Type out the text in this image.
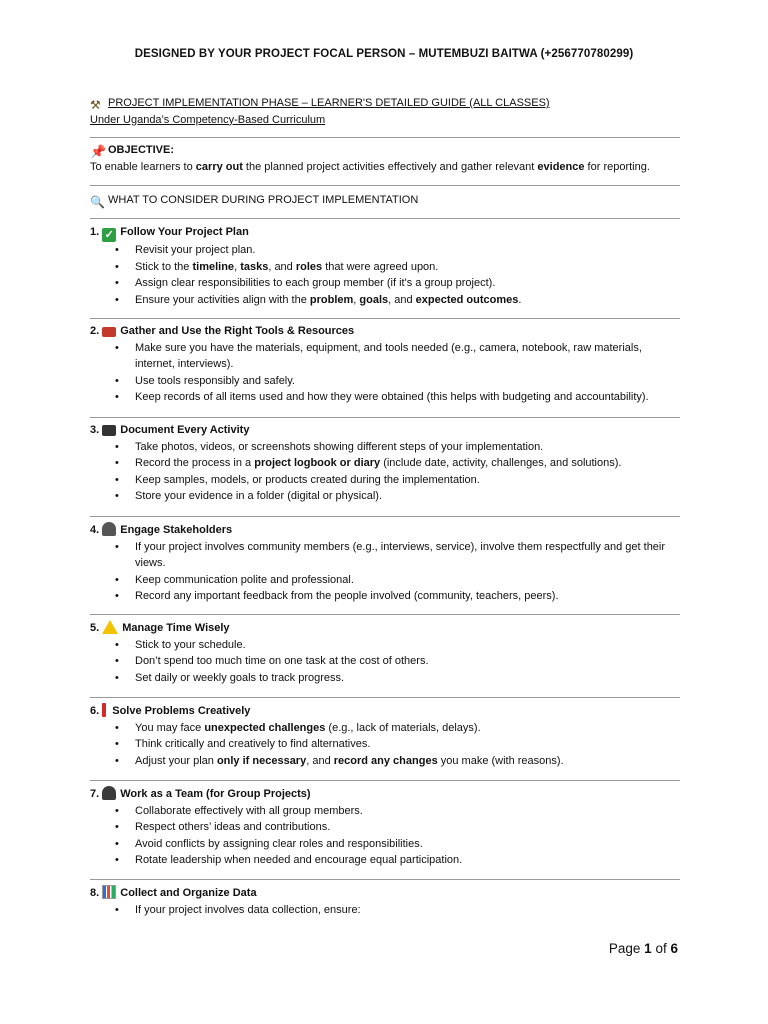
DESIGNED BY YOUR PROJECT FOCAL PERSON – MUTEMBUZI BAITWA (+256770780299)
⚒ PROJECT IMPLEMENTATION PHASE – LEARNER'S DETAILED GUIDE (ALL CLASSES)
Under Uganda’s Competency-Based Curriculum
📌 OBJECTIVE:
To enable learners to carry out the planned project activities effectively and gather relevant evidence for reporting.
🔍 WHAT TO CONSIDER DURING PROJECT IMPLEMENTATION
1. ✓ Follow Your Project Plan
• Revisit your project plan.
• Stick to the timeline, tasks, and roles that were agreed upon.
• Assign clear responsibilities to each group member (if it's a group project).
• Ensure your activities align with the problem, goals, and expected outcomes.
2. Gather and Use the Right Tools & Resources
• Make sure you have the materials, equipment, and tools needed (e.g., camera, notebook, raw materials, internet, interviews).
• Use tools responsibly and safely.
• Keep records of all items used and how they were obtained (this helps with budgeting and accountability).
3. Document Every Activity
• Take photos, videos, or screenshots showing different steps of your implementation.
• Record the process in a project logbook or diary (include date, activity, challenges, and solutions).
• Keep samples, models, or products created during the implementation.
• Store your evidence in a folder (digital or physical).
4. Engage Stakeholders
• If your project involves community members (e.g., interviews, service), involve them respectfully and get their views.
• Keep communication polite and professional.
• Record any important feedback from the people involved (community, teachers, peers).
5. Manage Time Wisely
• Stick to your schedule.
• Don’t spend too much time on one task at the cost of others.
• Set daily or weekly goals to track progress.
6. Solve Problems Creatively
• You may face unexpected challenges (e.g., lack of materials, delays).
• Think critically and creatively to find alternatives.
• Adjust your plan only if necessary, and record any changes you make (with reasons).
7. Work as a Team (for Group Projects)
• Collaborate effectively with all group members.
• Respect others’ ideas and contributions.
• Avoid conflicts by assigning clear roles and responsibilities.
• Rotate leadership when needed and encourage equal participation.
8. Collect and Organize Data
• If your project involves data collection, ensure:
Page 1 of 6
